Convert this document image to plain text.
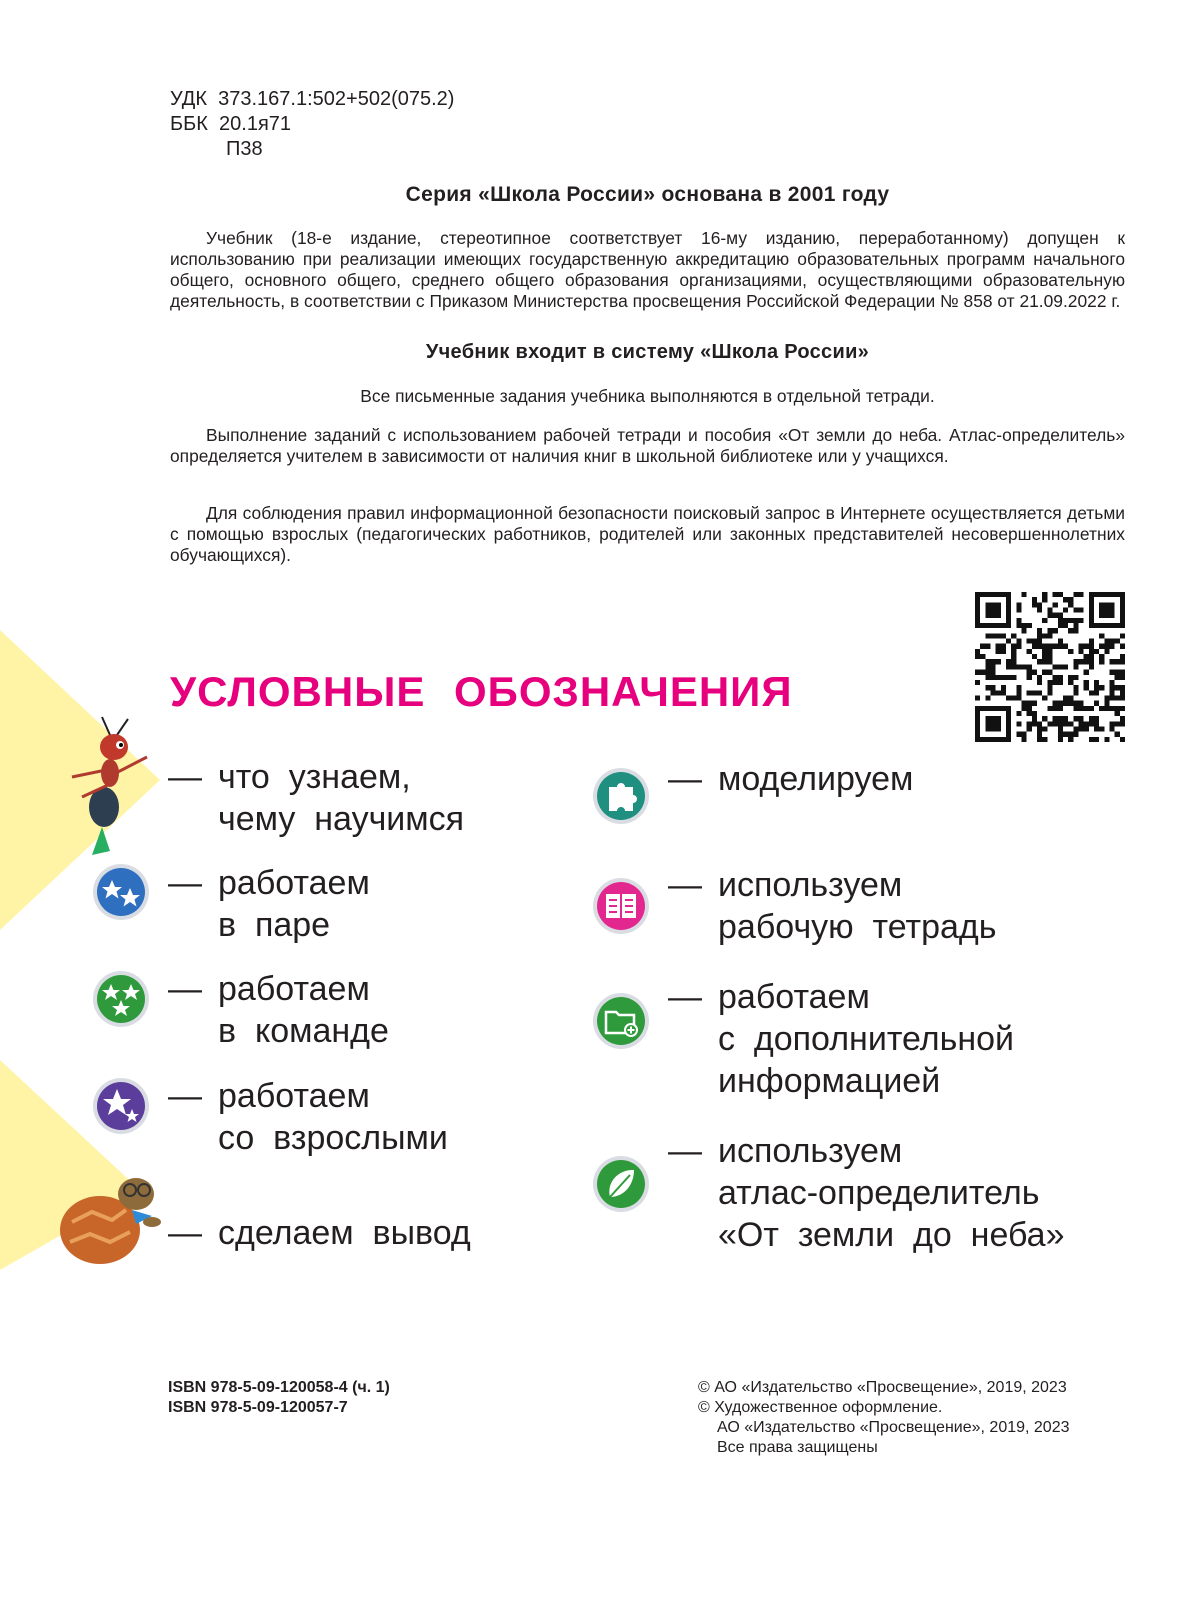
УДК  373.167.1:502+502(075.2)
ББК  20.1я71
П38
Серия «Школа России» основана в 2001 году
Учебник (18-е издание, стереотипное соответствует 16-му изданию, переработанному) допущен к использованию при реализации имеющих государственную аккредитацию образовательных программ начального общего, основного общего, среднего общего образования организациями, осуществляющими образовательную деятельность, в соответствии с Приказом Министерства просвещения Российской Федерации № 858 от 21.09.2022 г.
Учебник входит в систему «Школа России»
Все письменные задания учебника выполняются в отдельной тетради.
Выполнение заданий с использованием рабочей тетради и пособия «От земли до неба. Атлас-определитель» определяется учителем в зависимости от наличия книг в школьной библиотеке или у учащихся.
Для соблюдения правил информационной безопасности поисковый запрос в Интернете осуществляется детьми с помощью взрослых (педагогических работников, родителей или законных представителей несовершеннолетних обучающихся).
УСЛОВНЫЕ ОБОЗНАЧЕНИЯ
— что  узнаем,
чему  научимся
— работаем
в  паре
— работаем
в  команде
— работаем
со  взрослыми
— сделаем  вывод
— моделируем
— используем
рабочую  тетрадь
— работаем
с  дополнительной
информацией
— используем
атлас-определитель
«От  земли  до  неба»
ISBN 978-5-09-120058-4 (ч. 1)
ISBN 978-5-09-120057-7
© АО «Издательство «Просвещение», 2019, 2023
© Художественное оформление.
АО «Издательство «Просвещение», 2019, 2023
Все права защищены
